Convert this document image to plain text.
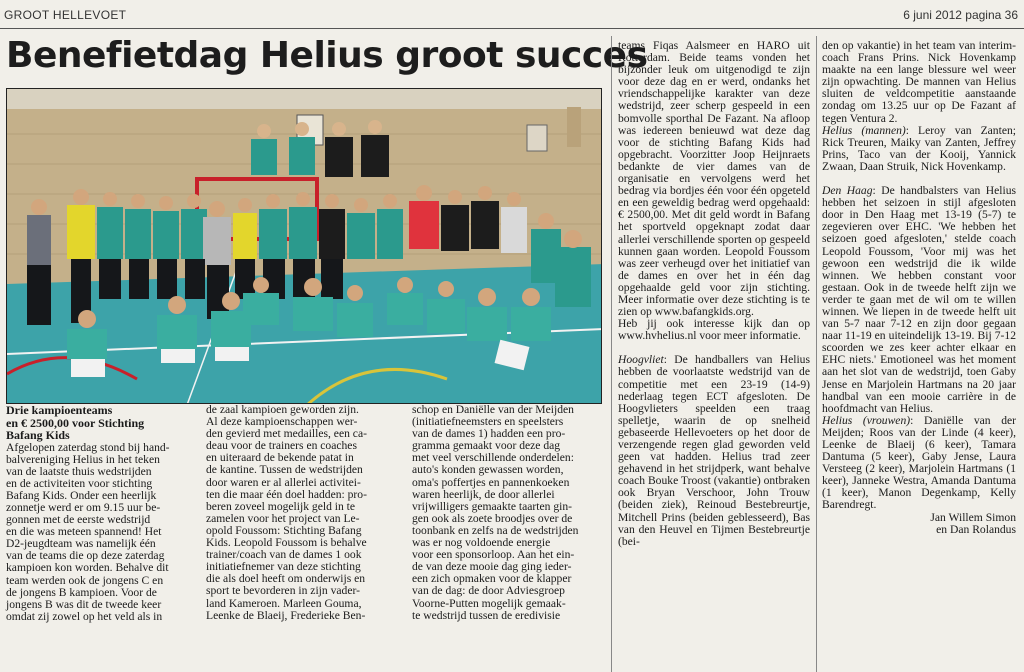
GROOT HELLEVOET	6 juni 2012 pagina 36
Benefietdag Helius groot succes

Drie kampioenteams

en € 2500,00 voor Stichting

Bafang Kids

Afgelopen zaterdag stond bij hand-

balvereniging Helius in het teken

van de laatste thuis wedstrijden

en de activiteiten voor stichting

Bafang Kids. Onder een heerlijk

zonnetje werd er om 9.15 uur be-

gonnen met de eerste wedstrijd

en die was meteen spannend! Het

D2-jeugdteam was namelijk één

van de teams die op deze zaterdag

kampioen kon worden. Behalve dit

team werden ook de jongens C en

de jongens B kampioen. Voor de

jongens B was dit de tweede keer

omdat zij zowel op het veld als in

de zaal kampioen geworden zijn.

Al deze kampioenschappen wer-

den gevierd met medailles, een ca-

deau voor de trainers en coaches

en uiteraard de bekende patat in

de kantine. Tussen de wedstrijden

door waren er al allerlei activitei-

ten die maar één doel hadden: pro-

beren zoveel mogelijk geld in te

zamelen voor het project van Le-

opold Foussom: Stichting Bafang

Kids. Leopold Foussom is behalve

trainer/coach van de dames 1 ook

initiatiefnemer van deze stichting

die als doel heeft om onderwijs en

sport te bevorderen in zijn vader-

land Kameroen. Marleen Gouma,

Leenke de Blaeij, Frederieke Ben-

schop en Daniëlle van der Meijden

(initiatiefneemsters en speelsters

van de dames 1) hadden een pro-

gramma gemaakt voor deze dag

met veel verschillende onderdelen:

auto's konden gewassen worden,

oma's poffertjes en pannenkoeken

waren heerlijk, de door allerlei

vrijwilligers gemaakte taarten gin-

gen ook als zoete broodjes over de

toonbank en zelfs na de wedstrijden

was er nog voldoende energie

voor een sponsorloop. Aan het ein-

de van deze mooie dag ging ieder-

een zich opmaken voor de klapper

van de dag: de door Adviesgroep

Voorne-Putten mogelijk gemaak-

te wedstrijd tussen de eredivisie

teams Fiqas Aalsmeer en HARO uit Rotterdam. Beide teams vonden het bijzonder leuk om uitgenodigd te zijn voor deze dag en er werd, ondanks het vriendschappelijke karakter van deze wedstrijd, zeer scherp gespeeld in een bomvolle sporthal De Fazant. Na afloop was iedereen benieuwd wat deze dag voor de stichting Bafang Kids had opgebracht. Voorzitter Joop Heijnraets bedankte de vier dames van de organisatie en vervolgens werd het bedrag via bordjes één voor één opgeteld en een geweldig bedrag werd opgehaald: € 2500,00. Met dit geld wordt in Bafang het sportveld opgeknapt zodat daar allerlei verschillende sporten op gespeeld kunnen gaan worden. Leopold Foussom was zeer verheugd over het initiatief van de dames en over het in één dag opgehaalde geld voor zijn stichting. Meer informatie over deze stichting is te zien op www.bafangkids.org.

Heb jij ook interesse kijk dan op www.hvhelius.nl voor meer informatie.

Hoogvliet: De handballers van Helius hebben de voorlaatste wedstrijd van de competitie met een 23-19 (14-9) nederlaag tegen ECT afgesloten. De Hoogvlieters speelden een traag spelletje, waarin de op snelheid gebaseerde Hellevoeters op het door de verzengende regen glad geworden veld geen vat hadden. Helius trad zeer gehavend in het strijdperk, want behalve coach Bouke Troost (vakantie) ontbraken ook Bryan Verschoor, John Trouw (beiden ziek), Reinoud Bestebreurtje, Mitchell Prins (beiden geblesseerd), Bas van den Heuvel en Tijmen Bestebreurtje (bei-

den op vakantie) in het team van interim-coach Frans Prins. Nick Hovenkamp maakte na een lange blessure wel weer zijn opwachting. De mannen van Helius sluiten de veldcompetitie aanstaande zondag om 13.25 uur op De Fazant af tegen Ventura 2.

Helius (mannen): Leroy van Zanten; Rick Treuren, Maiky van Zanten, Jeffrey Prins, Taco van der Kooij, Yannick Zwaan, Daan Struik, Nick Hovenkamp.

Den Haag: De handbalsters van Helius hebben het seizoen in stijl afgesloten door in Den Haag met 13-19 (5-7) te zegevieren over EHC. 'We hebben het seizoen goed afgesloten,' stelde coach Leopold Foussom, 'Voor mij was het gewoon een wedstrijd die ik wilde winnen. We hebben constant voor gestaan. Ook in de tweede helft zijn we verder te gaan met de wil om te willen winnen. We liepen in de tweede helft uit van 5-7 naar 7-12 en zijn door gegaan naar 11-19 en uiteindelijk 13-19. Bij 7-12 scoorden we zes keer achter elkaar en EHC niets.' Emotioneel was het moment aan het slot van de wedstrijd, toen Gaby Jense en Marjolein Hartmans na 20 jaar handbal van een mooie carrière in de hoofdmacht van Helius.

Helius (vrouwen): Daniëlle van der Meijden; Roos van der Linde (4 keer), Leenke de Blaeij (6 keer), Tamara Dantuma (5 keer), Gaby Jense, Laura Versteeg (2 keer), Marjolein Hartmans (1 keer), Janneke Westra, Amanda Dantuma (1 keer), Manon Degenkamp, Kelly Barendregt.

Jan Willem Simon

en Dan Rolandus
